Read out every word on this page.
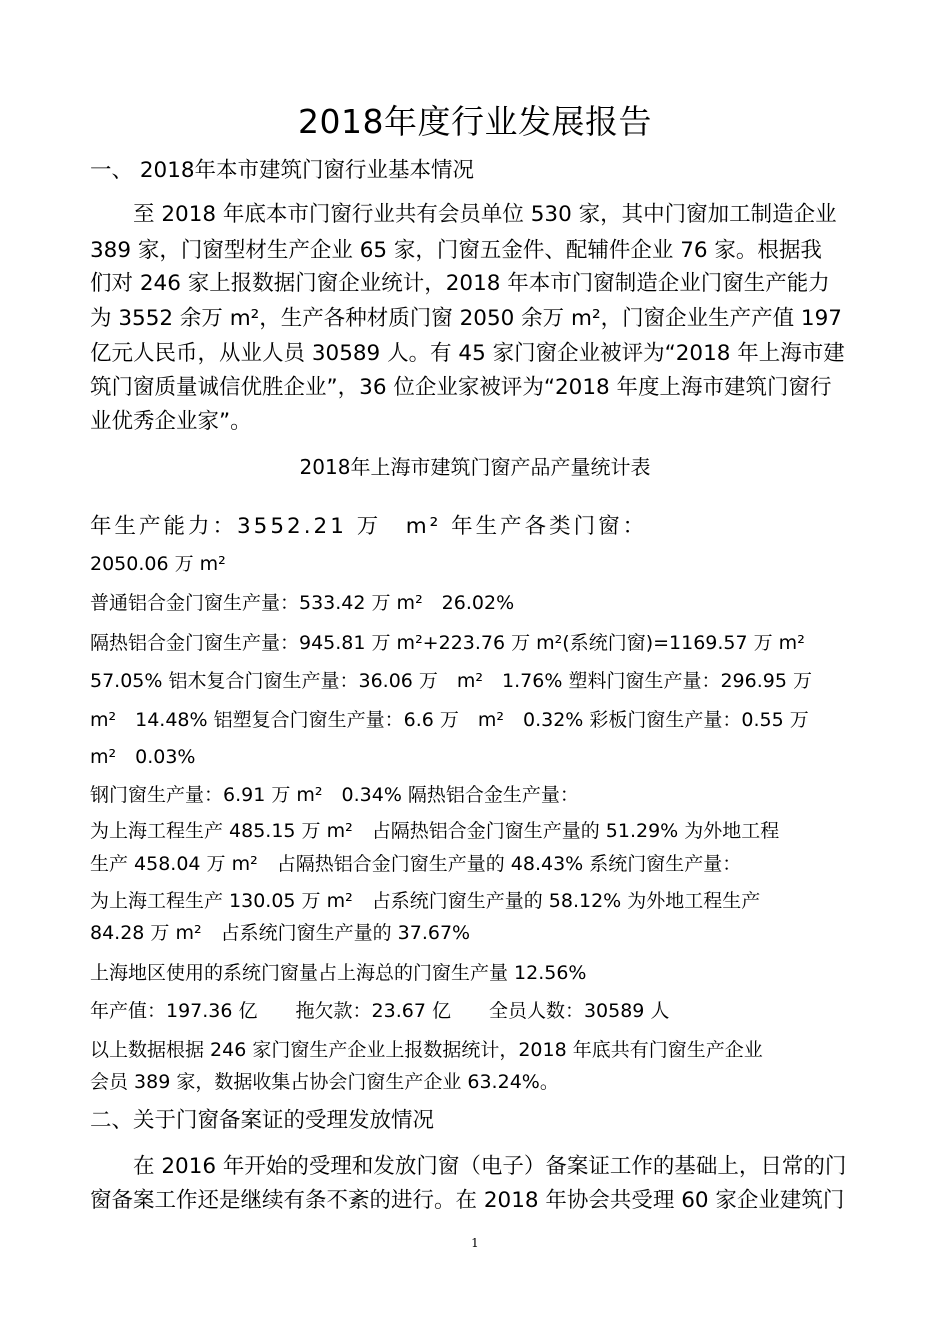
2018年度行业发展报告
一、 2018年本市建筑门窗行业基本情况
　　至 2018 年底本市门窗行业共有会员单位 530 家，其中门窗加工制造企业
389 家，门窗型材生产企业 65 家，门窗五金件、配辅件企业 76 家。根据我
们对 246 家上报数据门窗企业统计，2018 年本市门窗制造企业门窗生产能力
为 3552 余万 m²，生产各种材质门窗 2050 余万 m²，门窗企业生产产值 197
亿元人民币，从业人员 30589 人。有 45 家门窗企业被评为“2018 年上海市建
筑门窗质量诚信优胜企业”，36 位企业家被评为“2018 年度上海市建筑门窗行
业优秀企业家”。
2018年上海市建筑门窗产品产量统计表
年生产能力：3552.21 万　m² 年生产各类门窗：
2050.06 万 m²
普通铝合金门窗生产量：533.42 万 m²　26.02%
隔热铝合金门窗生产量：945.81 万 m²+223.76 万 m²(系统门窗)=1169.57 万 m²
57.05% 铝木复合门窗生产量：36.06 万　m²　1.76% 塑料门窗生产量：296.95 万
m²　14.48% 铝塑复合门窗生产量：6.6 万　m²　0.32% 彩板门窗生产量：0.55 万
m²　0.03%
钢门窗生产量：6.91 万 m²　0.34% 隔热铝合金生产量：
为上海工程生产 485.15 万 m²　占隔热铝合金门窗生产量的 51.29% 为外地工程
生产 458.04 万 m²　占隔热铝合金门窗生产量的 48.43% 系统门窗生产量：
为上海工程生产 130.05 万 m²　占系统门窗生产量的 58.12% 为外地工程生产
84.28 万 m²　占系统门窗生产量的 37.67%
上海地区使用的系统门窗量占上海总的门窗生产量 12.56%
年产值：197.36 亿　　拖欠款：23.67 亿　　全员人数：30589 人
以上数据根据 246 家门窗生产企业上报数据统计，2018 年底共有门窗生产企业
会员 389 家，数据收集占协会门窗生产企业 63.24%。
二、关于门窗备案证的受理发放情况
　　在 2016 年开始的受理和发放门窗（电子）备案证工作的基础上，日常的门
窗备案工作还是继续有条不紊的进行。在 2018 年协会共受理 60 家企业建筑门
1
